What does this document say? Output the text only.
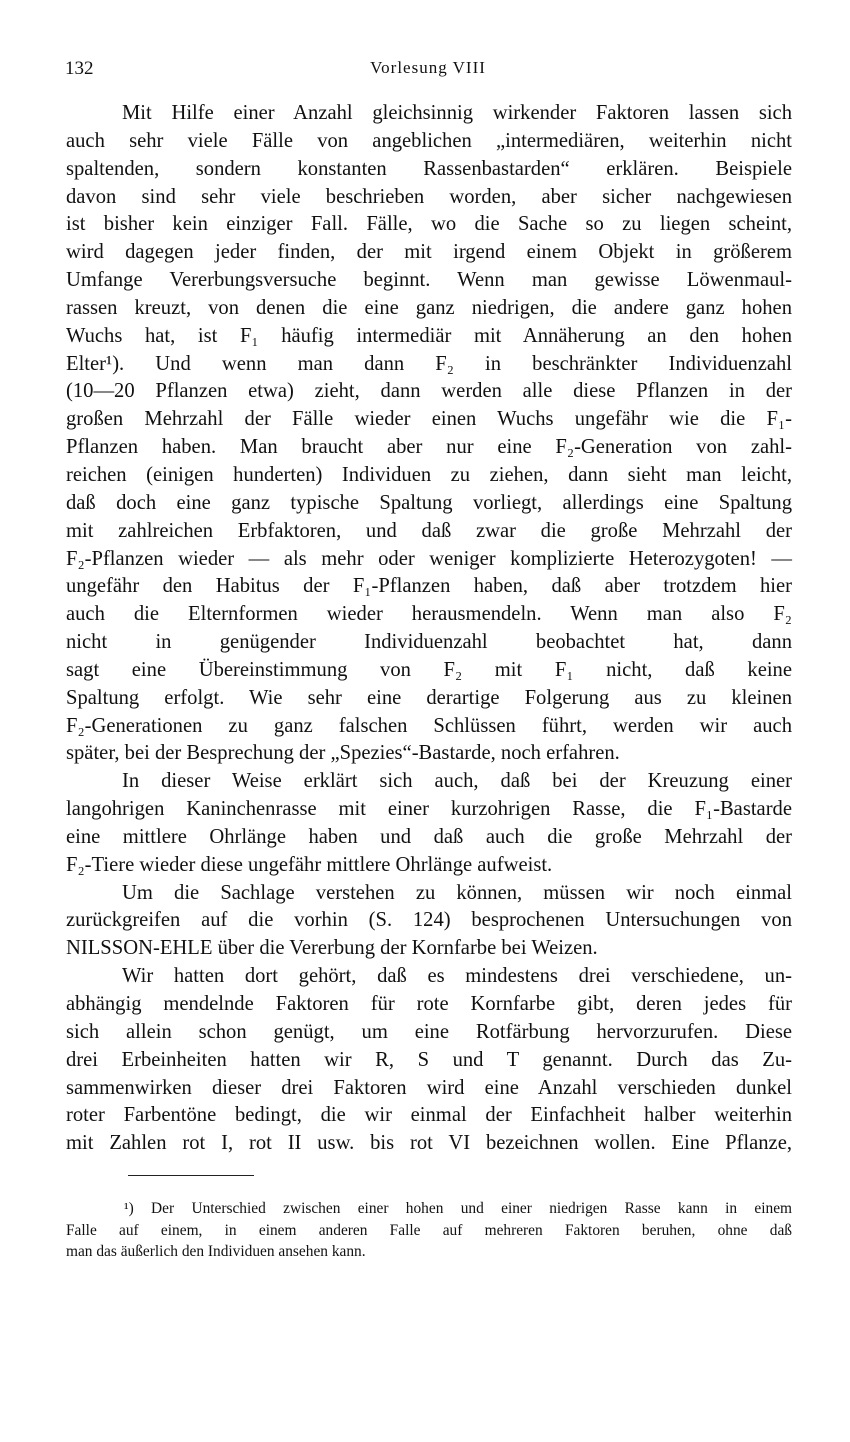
132	Vorlesung VIII
Mit Hilfe einer Anzahl gleichsinnig wirkender Faktoren lassen sich
auch sehr viele Fälle von angeblichen „intermediären, weiterhin nicht
spaltenden, sondern konstanten Rassenbastarden“ erklären. Beispiele
davon sind sehr viele beschrieben worden, aber sicher nachgewiesen
ist bisher kein einziger Fall. Fälle, wo die Sache so zu liegen scheint,
wird dagegen jeder finden, der mit irgend einem Objekt in größerem
Umfange Vererbungsversuche beginnt. Wenn man gewisse Löwenmaul-
rassen kreuzt, von denen die eine ganz niedrigen, die andere ganz hohen
Wuchs hat, ist F₁ häufig intermediär mit Annäherung an den hohen
Elter¹). Und wenn man dann F₂ in beschränkter Individuenzahl
(10—20 Pflanzen etwa) zieht, dann werden alle diese Pflanzen in der
großen Mehrzahl der Fälle wieder einen Wuchs ungefähr wie die F₁-
Pflanzen haben. Man braucht aber nur eine F₂-Generation von zahl-
reichen (einigen hunderten) Individuen zu ziehen, dann sieht man leicht,
daß doch eine ganz typische Spaltung vorliegt, allerdings eine Spaltung
mit zahlreichen Erbfaktoren, und daß zwar die große Mehrzahl der
F₂-Pflanzen wieder — als mehr oder weniger komplizierte Heterozygoten! —
ungefähr den Habitus der F₁-Pflanzen haben, daß aber trotzdem hier
auch die Elternformen wieder herausmendeln. Wenn man also F₂
nicht in genügender Individuenzahl beobachtet hat, dann
sagt eine Übereinstimmung von F₂ mit F₁ nicht, daß keine
Spaltung erfolgt. Wie sehr eine derartige Folgerung aus zu kleinen
F₂-Generationen zu ganz falschen Schlüssen führt, werden wir auch
später, bei der Besprechung der „Spezies“-Bastarde, noch erfahren.
In dieser Weise erklärt sich auch, daß bei der Kreuzung einer
langohrigen Kaninchenrasse mit einer kurzohrigen Rasse, die F₁-Bastarde
eine mittlere Ohrlänge haben und daß auch die große Mehrzahl der
F₂-Tiere wieder diese ungefähr mittlere Ohrlänge aufweist.
Um die Sachlage verstehen zu können, müssen wir noch einmal
zurückgreifen auf die vorhin (S. 124) besprochenen Untersuchungen von
NILSSON-EHLE über die Vererbung der Kornfarbe bei Weizen.
Wir hatten dort gehört, daß es mindestens drei verschiedene, un-
abhängig mendelnde Faktoren für rote Kornfarbe gibt, deren jedes für
sich allein schon genügt, um eine Rotfärbung hervorzurufen. Diese
drei Erbeinheiten hatten wir R, S und T genannt. Durch das Zu-
sammenwirken dieser drei Faktoren wird eine Anzahl verschieden dunkel
roter Farbentöne bedingt, die wir einmal der Einfachheit halber weiterhin
mit Zahlen rot I, rot II usw. bis rot VI bezeichnen wollen. Eine Pflanze,
¹) Der Unterschied zwischen einer hohen und einer niedrigen Rasse kann in einem
Falle auf einem, in einem anderen Falle auf mehreren Faktoren beruhen, ohne daß
man das äußerlich den Individuen ansehen kann.
